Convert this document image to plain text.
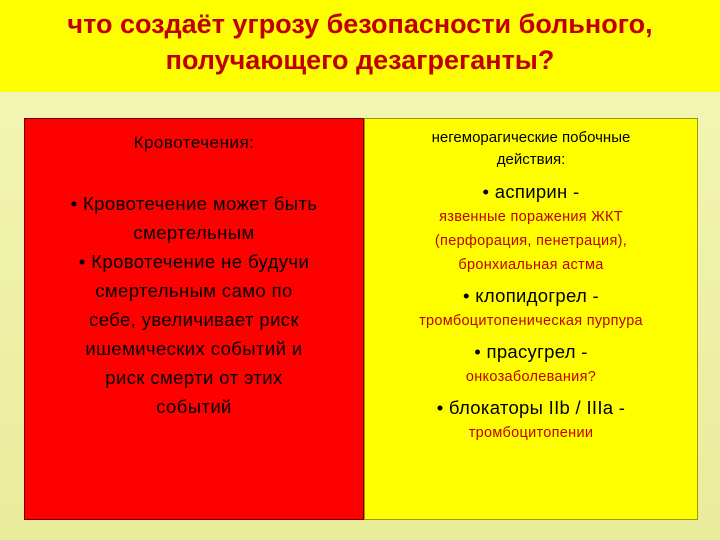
что создаёт угрозу безопасности больного,
получающего дезагреганты?
Кровотечения:
• Кровотечение может быть
смертельным
• Кровотечение не будучи
смертельным само по
себе, увеличивает риск
ишемических событий и
риск смерти от этих
событий
негеморагические побочные
действия:
• аспирин -
язвенные поражения ЖКТ
(перфорация, пенетрация),
бронхиальная астма
• клопидогрел -
тромбоцитопеническая пурпура
• прасугрел -
онкозаболевания?
• блокаторы IIb / IIIa -
тромбоцитопении
